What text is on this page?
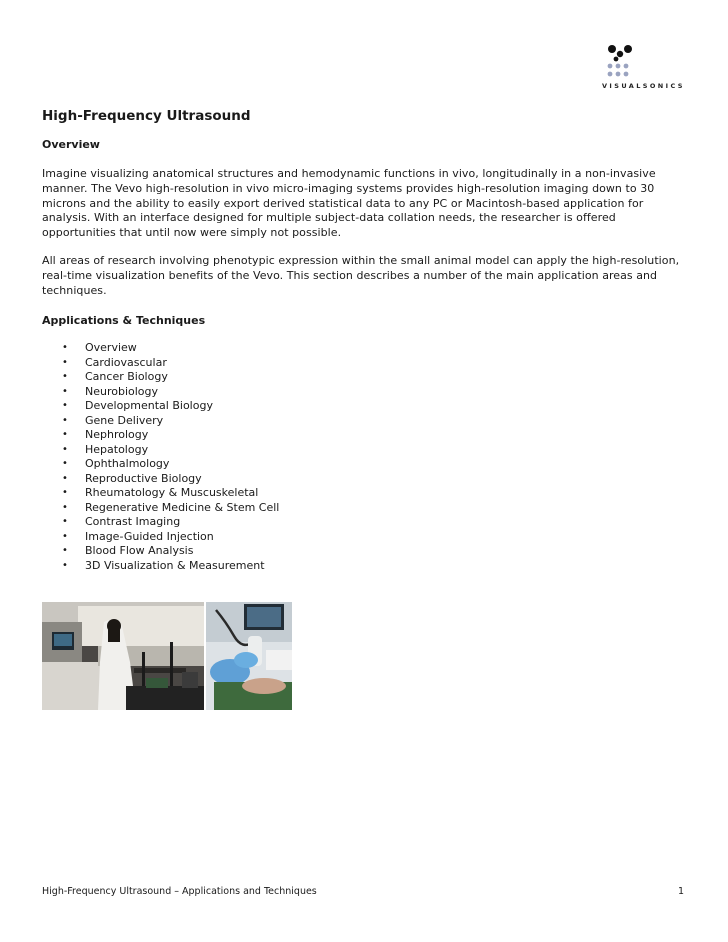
VISUALSONICS
High-Frequency Ultrasound
Overview

Imagine visualizing anatomical structures and hemodynamic functions in vivo, longitudinally in a non-invasive manner. The Vevo high-resolution in vivo micro-imaging systems provides high-resolution imaging down to 30 microns and the ability to easily export derived statistical data to any PC or Macintosh-based application for analysis. With an interface designed for multiple subject-data collation needs, the researcher is offered opportunities that until now were simply not possible.

All areas of research involving phenotypic expression within the small animal model can apply the high-resolution, real-time visualization benefits of the Vevo. This section describes a number of the main application areas and techniques.

Applications & Techniques
• Overview
• Cardiovascular
• Cancer Biology
• Neurobiology
• Developmental Biology
• Gene Delivery
• Nephrology
• Hepatology
• Ophthalmology
• Reproductive Biology
• Rheumatology & Muscuskeletal
• Regenerative Medicine & Stem Cell
• Contrast Imaging
• Image-Guided Injection
• Blood Flow Analysis
• 3D Visualization & Measurement
High-Frequency Ultrasound – Applications and Techniques	1
